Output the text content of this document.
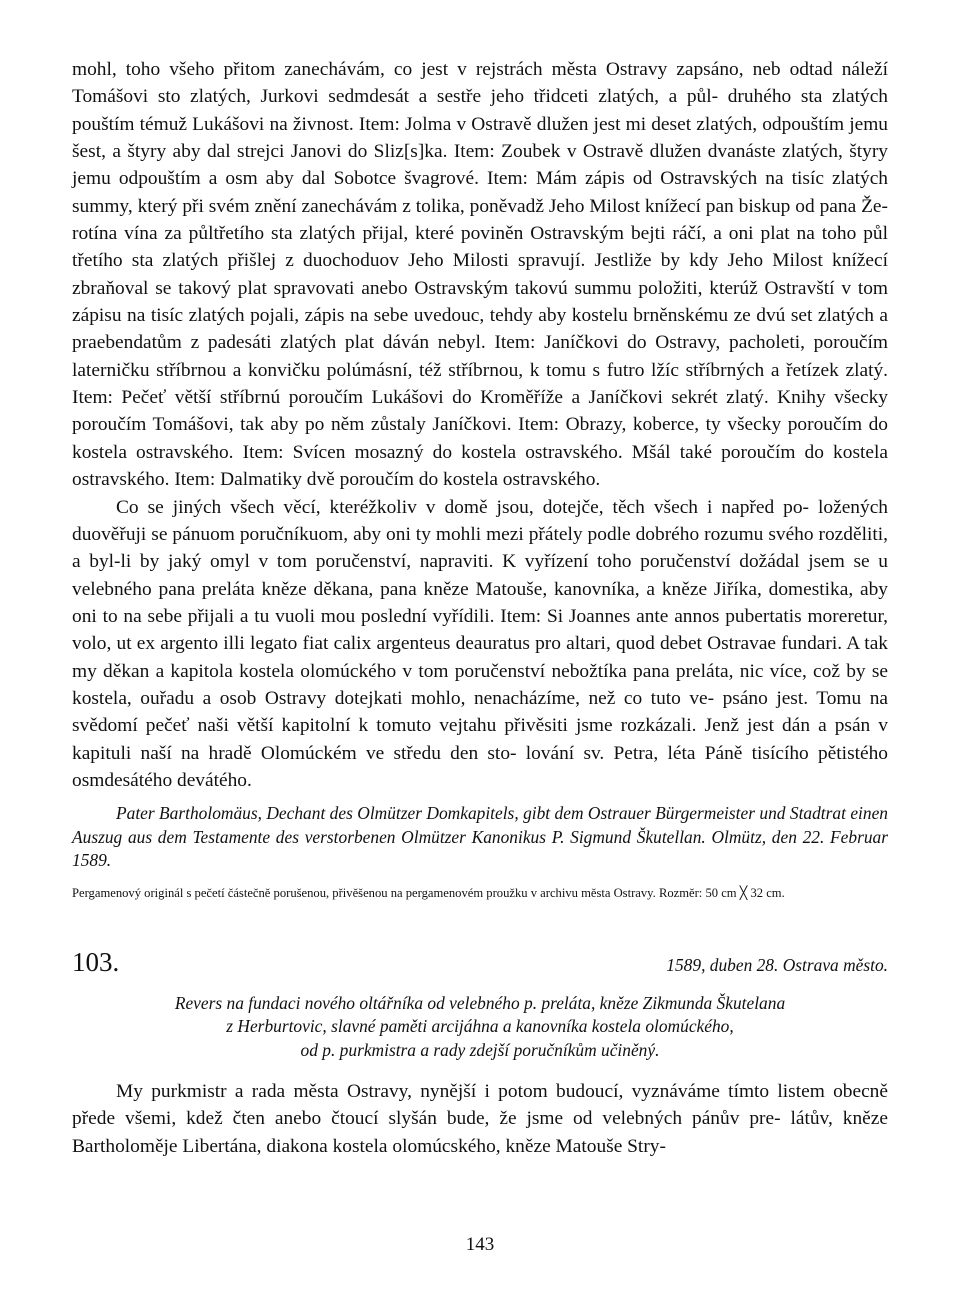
mohl, toho všeho přitom zanechávám, co jest v rejstrách města Ostravy zapsáno, neb odtad náleží Tomášovi sto zlatých, Jurkovi sedmdesát a sestře jeho třidceti zlatých, a půl‑ druhého sta zlatých pouštím témuž Lukášovi na živnost. Item: Jolma v Ostravě dlužen jest mi deset zlatých, odpouštím jemu šest, a štyry aby dal strejci Janovi do Sliz[s]ka. Item: Zoubek v Ostravě dlužen dvanáste zlatých, štyry jemu odpouštím a osm aby dal Sobotce švagrové. Item: Mám zápis od Ostravských na tisíc zlatých summy, který při svém znění zanechávám z tolika, poněvadž Jeho Milost knížecí pan biskup od pana Že‑ rotína vína za půltřetího sta zlatých přijal, které poviněn Ostravským bejti ráčí, a oni plat na toho půl třetího sta zlatých přišlej z duochoduov Jeho Milosti spravují. Jestliže by kdy Jeho Milost knížecí zbraňoval se takový plat spravovati anebo Ostravským takovú summu položiti, kterúž Ostravští v tom zápisu na tisíc zlatých pojali, zápis na sebe uvedouc, tehdy aby kostelu brněnskému ze dvú set zlatých a praebendatům z padesáti zlatých plat dáván nebyl. Item: Janíčkovi do Ostravy, pacholeti, poroučím laterničku stříbrnou a konvičku polúmásní, též stříbrnou, k tomu s futro lžíc stříbrných a řetízek zlatý. Item: Pečeť větší stříbrnú poroučím Lukášovi do Kroměříže a Janíčkovi sekrét zlatý. Knihy všecky poroučím Tomášovi, tak aby po něm zůstaly Janíčkovi. Item: Obrazy, koberce, ty všecky poroučím do kostela ostravského. Item: Svícen mosazný do kostela ostravského. Mšál také poroučím do kostela ostravského. Item: Dalmatiky dvě poroučím do kostela ostravského.

Co se jiných všech věcí, kteréžkoliv v domě jsou, dotejče, těch všech i napřed po‑ ložených duověřuji se pánuom poručníkuom, aby oni ty mohli mezi přátely podle dobrého rozumu svého rozděliti, a byl‑li by jaký omyl v tom poručenství, napraviti. K vyřízení toho poručenství dožádal jsem se u velebného pana preláta kněze děkana, pana kněze Matouše, kanovníka, a kněze Jiříka, domestika, aby oni to na sebe přijali a tu vuoli mou poslední vyřídili. Item: Si Joannes ante annos pubertatis moreretur, volo, ut ex argento illi legato fiat calix argenteus deauratus pro altari, quod debet Ostravae fundari. A tak my děkan a kapitola kostela olomúckého v tom poručenství nebožtíka pana preláta, nic více, což by se kostela, ouřadu a osob Ostravy dotejkati mohlo, nenacházíme, než co tuto ve‑ psáno jest. Tomu na svědomí pečeť naši větší kapitolní k tomuto vejtahu přivěsiti jsme rozkázali. Jenž jest dán a psán v kapituli naší na hradě Olomúckém ve středu den sto‑ lování sv. Petra, léta Páně tisícího pětistého osmdesátého devátého.

Pater Bartholomäus, Dechant des Olmützer Domkapitels, gibt dem Ostrauer Bürgermeister und Stadtrat einen Auszug aus dem Testamente des verstorbenen Olmützer Kanonikus P. Sigmund Škutellan. Olmütz, den 22. Februar 1589.

Pergamenový originál s pečetí částečně porušenou, přivěšenou na pergamenovém proužku v archivu města Ostravy. Rozměr: 50 cm ╳ 32 cm.

103.	1589, duben 28. Ostrava město.

Revers na fundaci nového oltářníka od velebného p. preláta, kněze Zikmunda Škutelana
z Herburtovic, slavné paměti arcijáhna a kanovníka kostela olomúckého,
od p. purkmistra a rady zdejší poručníkům učiněný.

My purkmistr a rada města Ostravy, nynější i potom budoucí, vyznáváme tímto listem obecně přede všemi, kdež čten anebo čtoucí slyšán bude, že jsme od velebných pánův pre‑ látův, kněze Bartholoměje Libertána, diakona kostela olomúcského, kněze Matouše Stry‑

143
